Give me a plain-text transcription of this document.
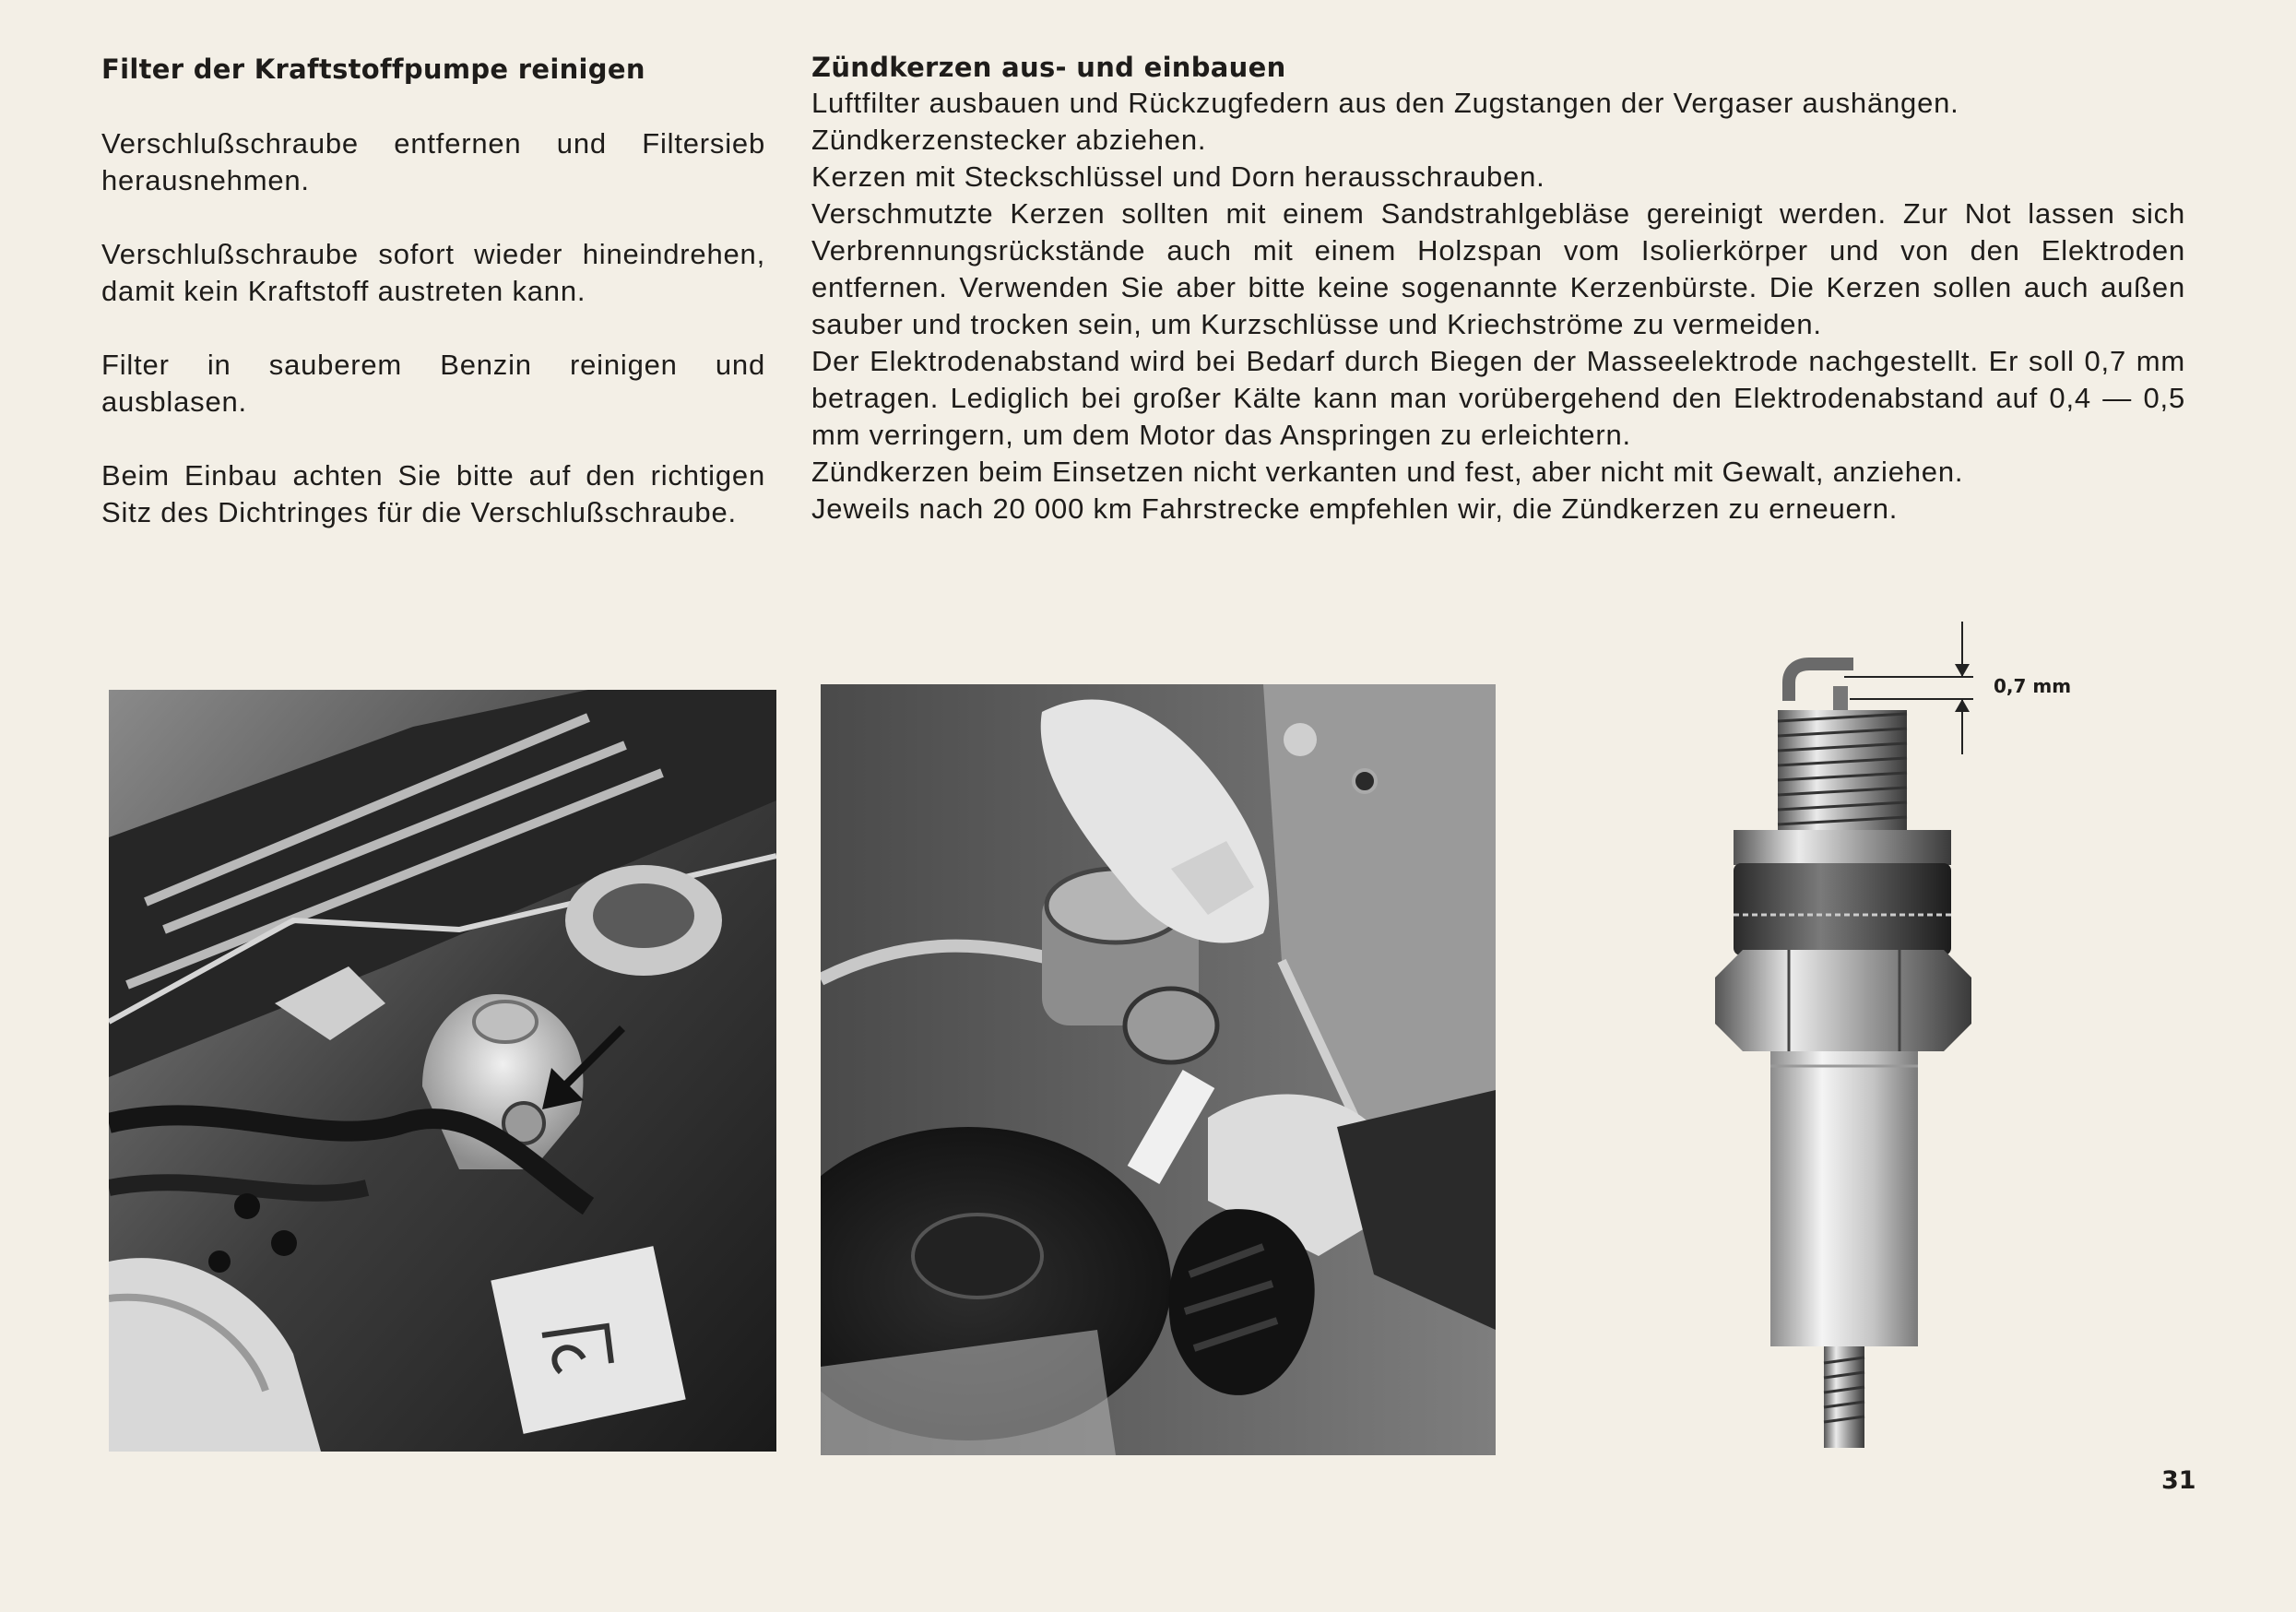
Filter der Kraftstoffpumpe reinigen

Verschlußschraube entfernen und Filtersieb herausnehmen.

Verschlußschraube sofort wieder hineindrehen, damit kein Kraftstoff austreten kann.

Filter in sauberem Benzin reinigen und ausblasen.

Beim Einbau achten Sie bitte auf den richtigen Sitz des Dichtringes für die Verschlußschraube.

Zündkerzen aus- und einbauen

Luftfilter ausbauen und Rückzugfedern aus den Zugstangen der Vergaser aushängen.

Zündkerzenstecker abziehen.

Kerzen mit Steckschlüssel und Dorn herausschrauben.

Verschmutzte Kerzen sollten mit einem Sandstrahlgebläse gereinigt werden. Zur Not lassen sich Verbrennungsrückstände auch mit einem Holzspan vom Isolierkörper und von den Elektroden entfernen. Verwenden Sie aber bitte keine sogenannte Kerzenbürste. Die Kerzen sollen auch außen sauber und trocken sein, um Kurzschlüsse und Kriechströme zu vermeiden.

Der Elektrodenabstand wird bei Bedarf durch Biegen der Masseelektrode nachgestellt. Er soll 0,7 mm betragen. Lediglich bei großer Kälte kann man vorübergehend den Elektrodenabstand auf 0,4 — 0,5 mm verringern, um dem Motor das Anspringen zu erleichtern.

Zündkerzen beim Einsetzen nicht verkanten und fest, aber nicht mit Gewalt, anziehen.

Jeweils nach 20 000 km Fahrstrecke empfehlen wir, die Zündkerzen zu erneuern.

0,7 mm
31
